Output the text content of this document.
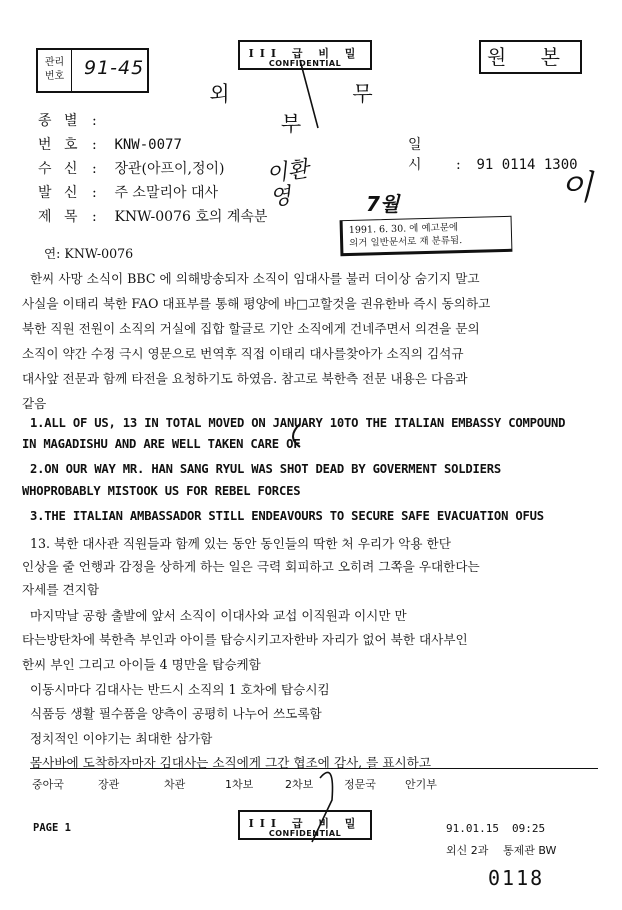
관리
번호	91-45
III 급 비 밀
CONFIDENTIAL	원 본
외 무 부
종 별 :
번 호 : KNW-0077	일 시 : 91 0114 1300
수 신 : 장관(아프이,정이)
발 신 : 주 소말리아 대사
제 목 : KNW-0076 호의 계속분
이환영	이
7월
1991. 6. 30. 에 예고문에
의거 일반문서로 재 분류됨.
연: KNW-0076
한씨 사망 소식이 BBC 에 의해방송되자 소직이 임대사를 불러 더이상 숨기지 말고
사실을 이태리 북한 FAO 대표부를 통해 평양에 바□고할것을 권유한바 즉시 동의하고
북한 직원 전원이 소직의 거실에 집합 할글로 기안 소직에게 건네주면서 의견을 문의
소직이 약간 수정 극시 영문으로 번역후 직접 이태리 대사를찾아가 소직의 김석규
대사앞 전문과 함께 타전을 요청하기도 하였음. 참고로 북한측 전문 내용은 다음과
같음
1.ALL OF US, 13 IN TOTAL MOVED ON JANUARY 10TO THE ITALIAN EMBASSY COMPOUND
IN MAGADISHU AND ARE WELL TAKEN CARE OF
2.ON OUR WAY MR. HAN SANG RYUL WAS SHOT DEAD BY GOVERMENT SOLDIERS
WHOPROBABLY MISTOOK US FOR REBEL FORCES
3.THE ITALIAN AMBASSADOR STILL ENDEAVOURS TO SECURE SAFE EVACUATION OFUS
13. 북한 대사관 직원들과 함께 있는 동안 동인들의 딱한 처 우리가 악용 한단
인상을 줄 언행과 감정을 상하게 하는 일은 극력 회피하고 오히려 그쪽을 우대한다는
자세를 견지함
마지막날 공항 출발에 앞서 소직이 이대사와 교섭 이직원과 이시만 만
타는방탄차에 북한측 부인과 아이를 탑승시키고자한바 자리가 없어 북한 대사부인
한씨 부인 그리고 아이들 4 명만을 탑승케함
이동시마다 김대사는 반드시 소직의 1 호차에 탑승시킴
식품등 생활 필수품을 양측이 공평히 나누어 쓰도록함
정치적인 이야기는 최대한 삼가함
몸사바에 도착하자마자 김대사는 소직에게 그간 협조에 감사, 를 표시하고
중아국	장관	차관	1차보	2차보	정문국	안기부
PAGE 1	III 급 비 밀
CONFIDENTIAL	91.01.15 09:25
외신 2과 통제관 BW
0118
